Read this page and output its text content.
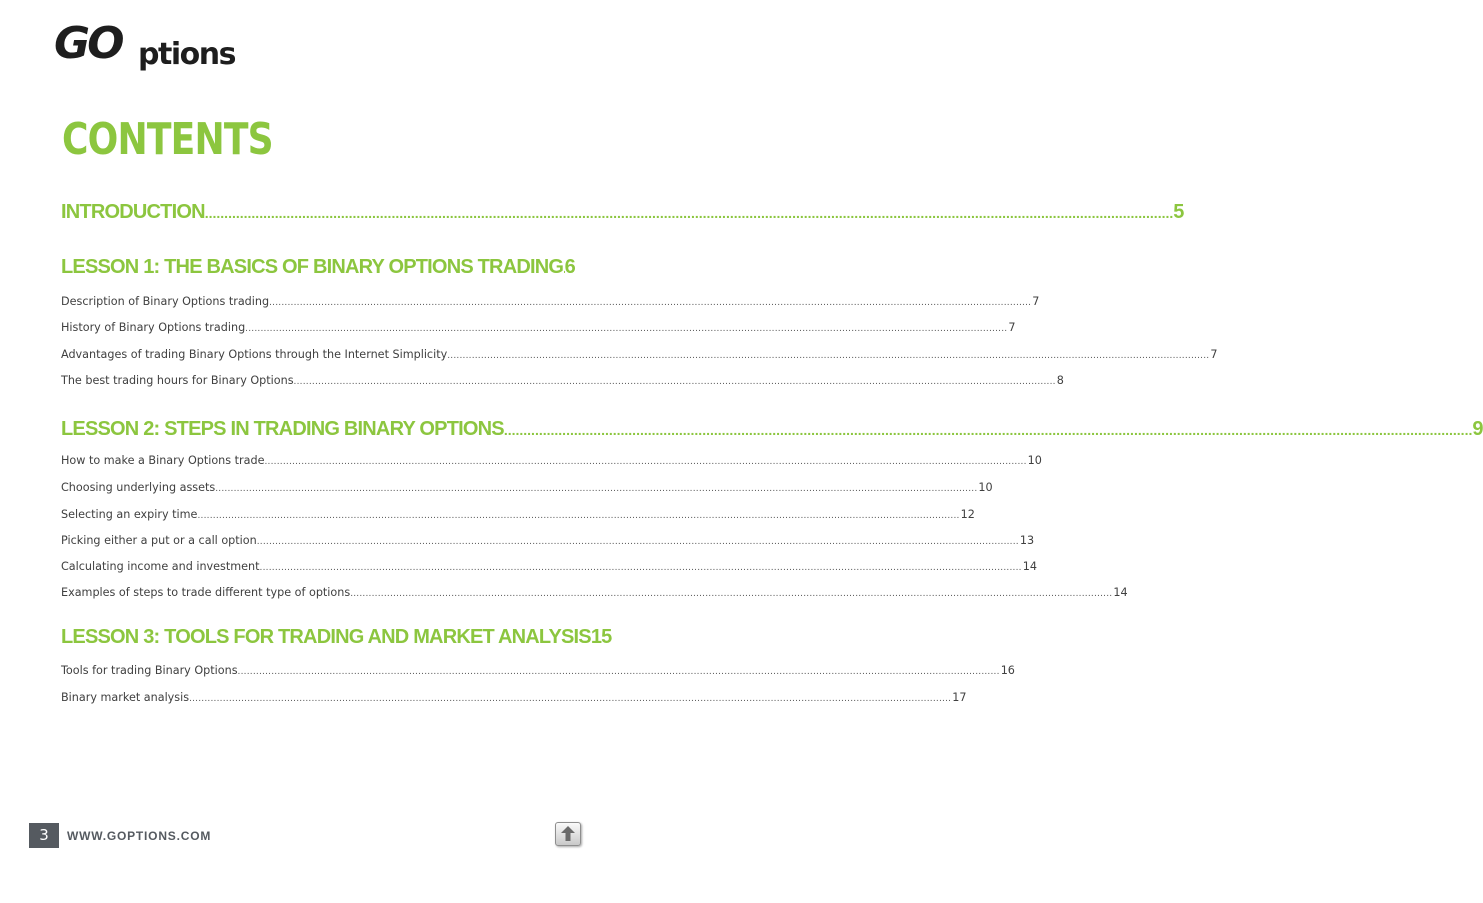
GO ptions
CONTENTS
INTRODUCTION .....	5
LESSON 1: THE BASICS OF BINARY OPTIONS TRADING ..... 6
Description of Binary Options trading .....	7
History of Binary Options trading .....	7
Advantages of trading Binary Options through the Internet Simplicity .....	7
The best trading hours for Binary Options .....	8
LESSON 2: STEPS IN TRADING BINARY OPTIONS .....	9
How to make a Binary Options trade .....	10
Choosing underlying assets .....	10
Selecting an expiry time .....	12
Picking either a put or a call option .....	13
Calculating income and investment .....	14
Examples of steps to trade different type of options .....	14
LESSON 3: TOOLS FOR TRADING AND MARKET ANALYSIS 15
Tools for trading Binary Options .....	16
Binary market analysis .....	17
3	WWW.GOPTIONS.COM
